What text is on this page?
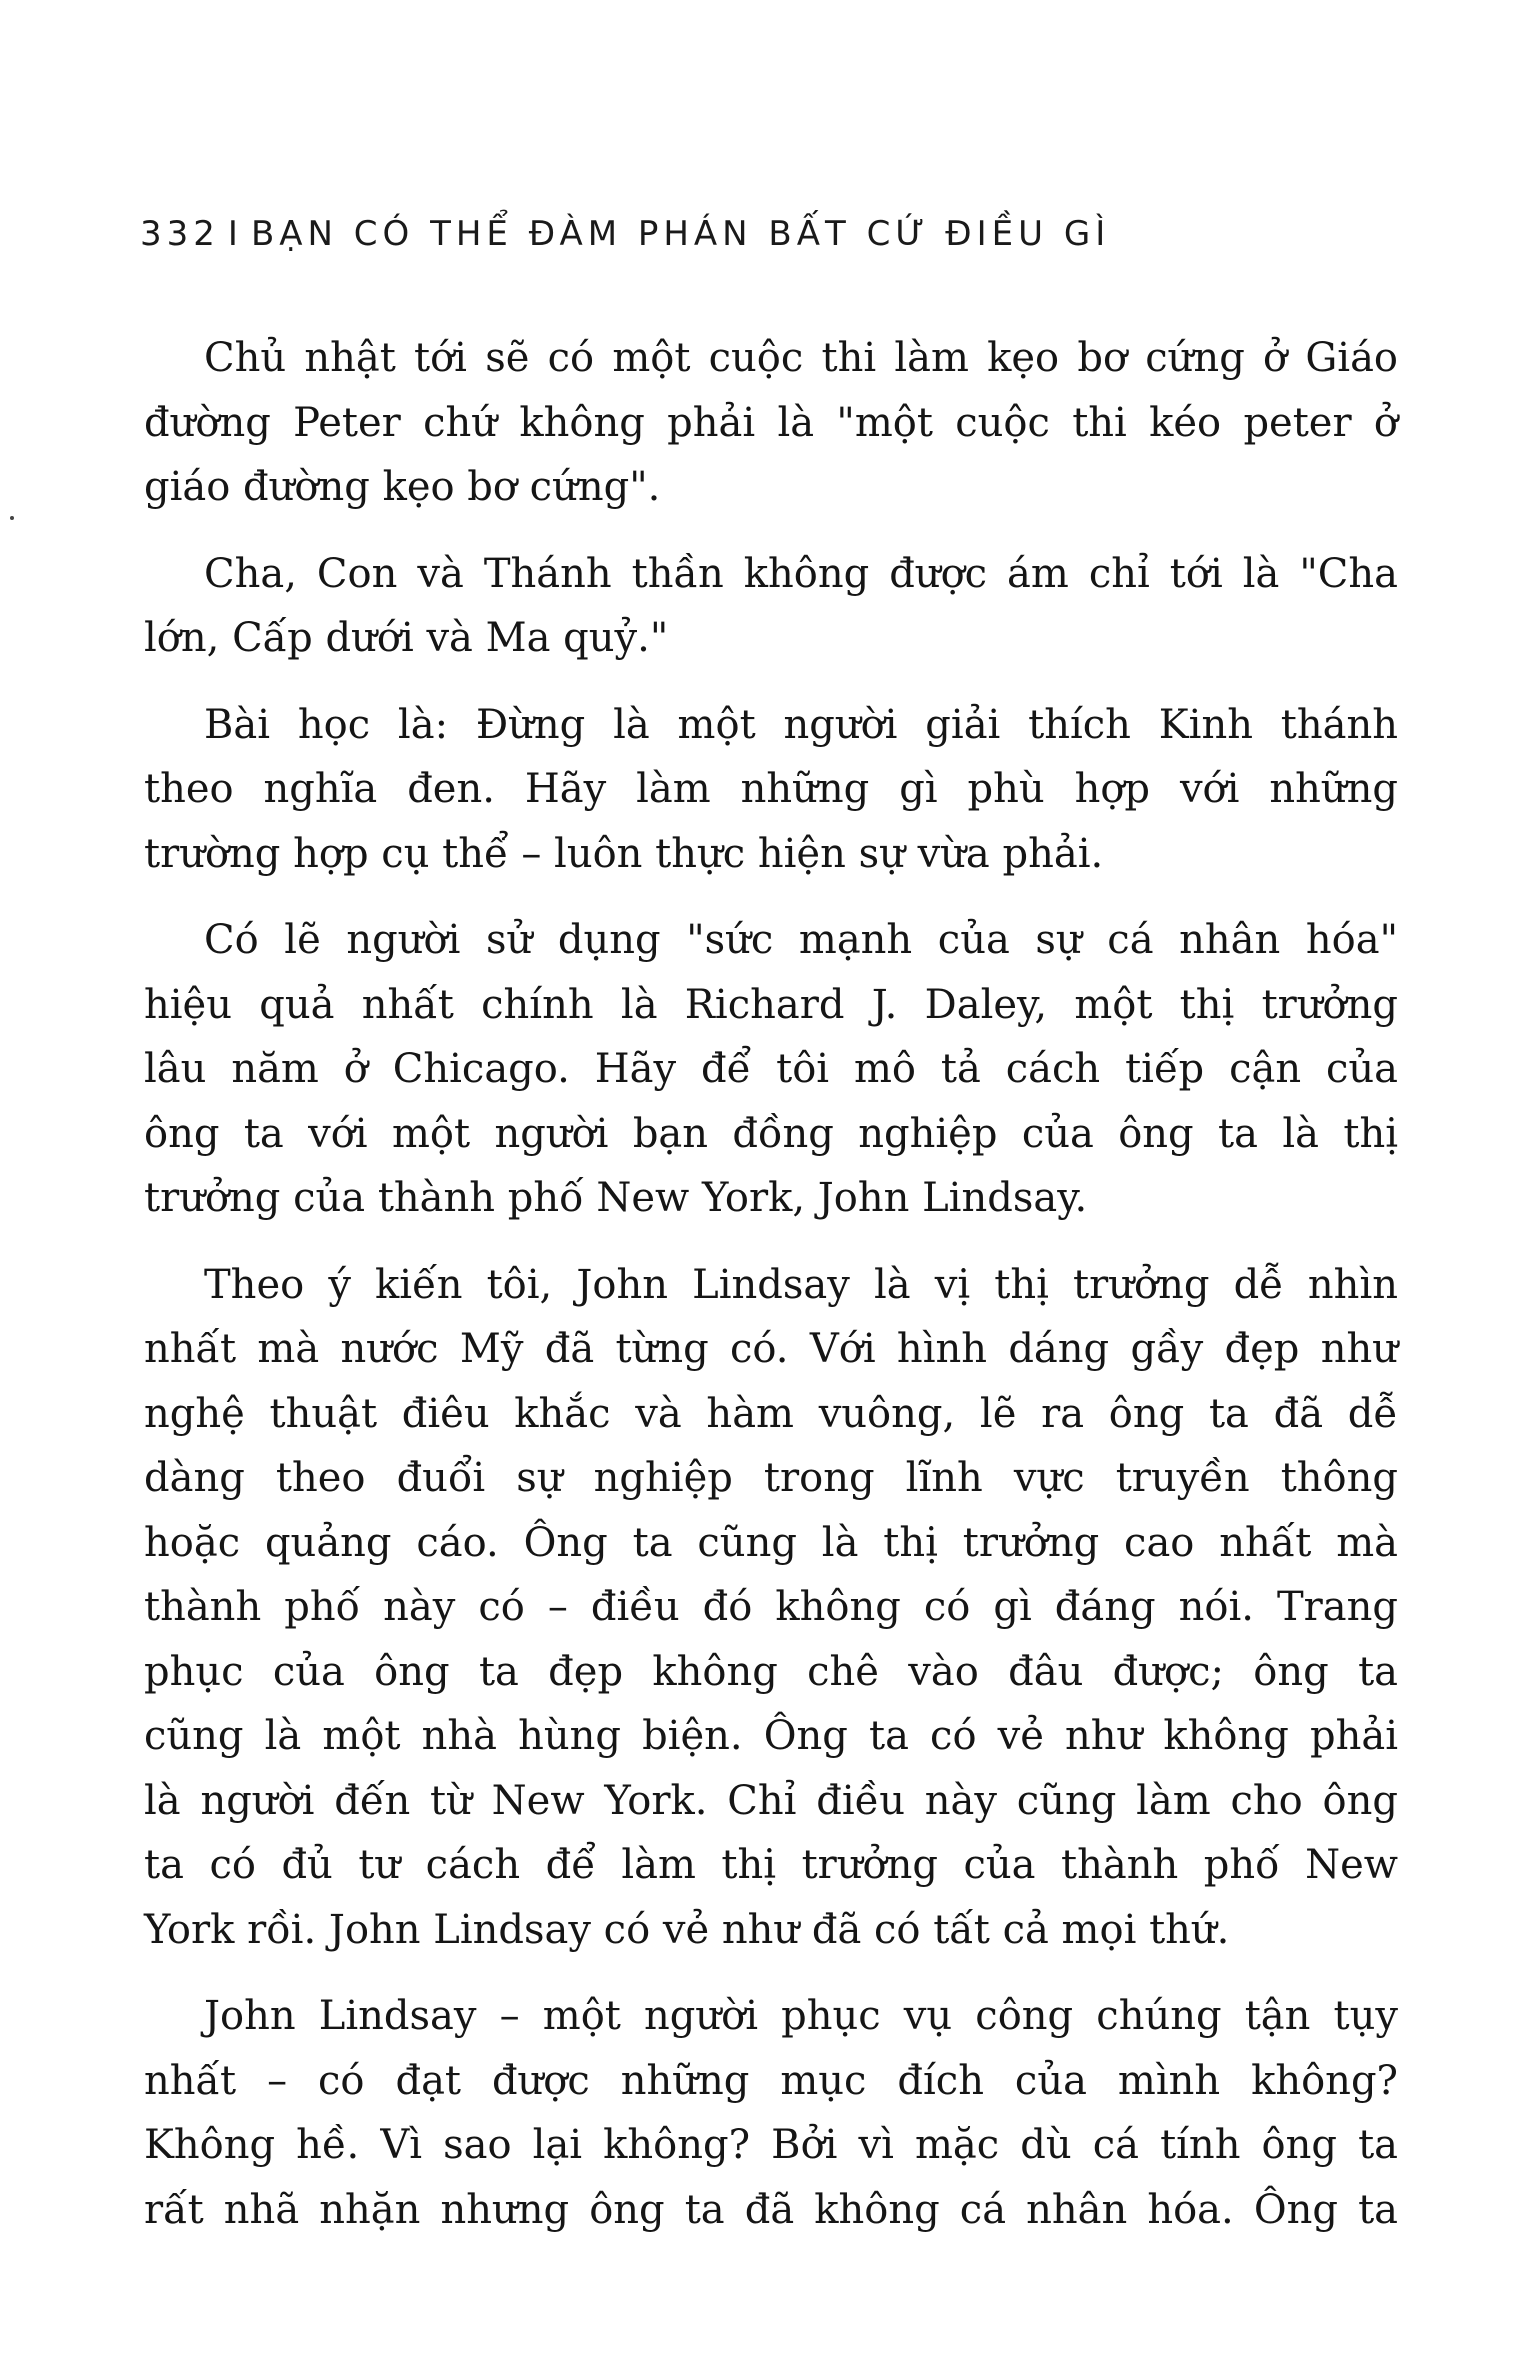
332 I BẠN CÓ THỂ ĐÀM PHÁN BẤT CỨ ĐIỀU GÌ
Chủ nhật tới sẽ có một cuộc thi làm kẹo bơ cứng ở Giáo
đường Peter chứ không phải là "một cuộc thi kéo peter ở
giáo đường kẹo bơ cứng".
Cha, Con và Thánh thần không được ám chỉ tới là "Cha
lớn, Cấp dưới và Ma quỷ."
Bài học là: Đừng là một người giải thích Kinh thánh
theo nghĩa đen. Hãy làm những gì phù hợp với những
trường hợp cụ thể – luôn thực hiện sự vừa phải.
Có lẽ người sử dụng "sức mạnh của sự cá nhân hóa"
hiệu quả nhất chính là Richard J. Daley, một thị trưởng
lâu năm ở Chicago. Hãy để tôi mô tả cách tiếp cận của
ông ta với một người bạn đồng nghiệp của ông ta là thị
trưởng của thành phố New York, John Lindsay.
Theo ý kiến tôi, John Lindsay là vị thị trưởng dễ nhìn
nhất mà nước Mỹ đã từng có. Với hình dáng gầy đẹp như
nghệ thuật điêu khắc và hàm vuông, lẽ ra ông ta đã dễ
dàng theo đuổi sự nghiệp trong lĩnh vực truyền thông
hoặc quảng cáo. Ông ta cũng là thị trưởng cao nhất mà
thành phố này có – điều đó không có gì đáng nói. Trang
phục của ông ta đẹp không chê vào đâu được; ông ta
cũng là một nhà hùng biện. Ông ta có vẻ như không phải
là người đến từ New York. Chỉ điều này cũng làm cho ông
ta có đủ tư cách để làm thị trưởng của thành phố New
York rồi. John Lindsay có vẻ như đã có tất cả mọi thứ.
John Lindsay – một người phục vụ công chúng tận tụy
nhất – có đạt được những mục đích của mình không?
Không hề. Vì sao lại không? Bởi vì mặc dù cá tính ông ta
rất nhã nhặn nhưng ông ta đã không cá nhân hóa. Ông ta
